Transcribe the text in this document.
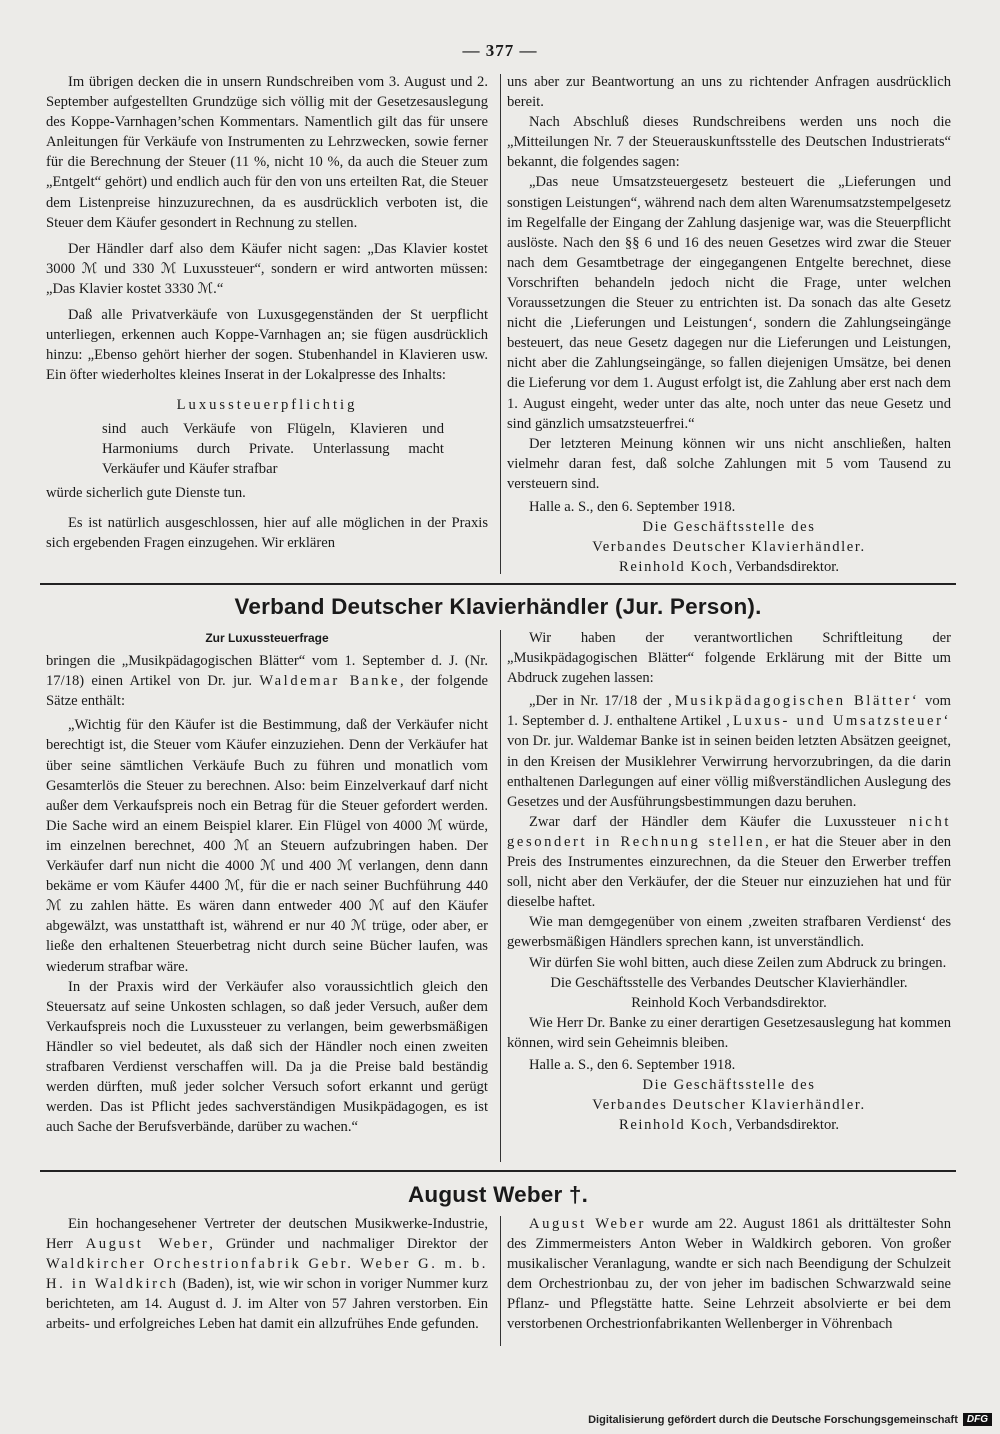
— 377 —

Im übrigen decken die in unsern Rundschreiben vom 3. August und 2. September aufgestellten Grundzüge sich völlig mit der Gesetzesauslegung des Koppe-Varnhagen’schen Kommentars. Namentlich gilt das für unsere Anleitungen für Verkäufe von Instrumenten zu Lehrzwecken, sowie ferner für die Berechnung der Steuer (11 %, nicht 10 %, da auch die Steuer zum „Entgelt“ gehört) und endlich auch für den von uns erteilten Rat, die Steuer dem Listenpreise hinzuzurechnen, da es ausdrücklich verboten ist, die Steuer dem Käufer gesondert in Rechnung zu stellen.

Der Händler darf also dem Käufer nicht sagen: „Das Klavier kostet 3000 ℳ und 330 ℳ Luxussteuer“, sondern er wird antworten müssen: „Das Klavier kostet 3330 ℳ.“

Daß alle Privatverkäufe von Luxusgegenständen der St uerpflicht unterliegen, erkennen auch Koppe-Varnhagen an; sie fügen ausdrücklich hinzu: „Ebenso gehört hierher der sogen. Stubenhandel in Klavieren usw. Ein öfter wiederholtes kleines Inserat in der Lokalpresse des Inhalts:

Luxussteuerpflichtig
sind auch Verkäufe von Flügeln, Klavieren und Harmoniums durch Private. Unterlassung macht Verkäufer und Käufer strafbar

würde sicherlich gute Dienste tun.

Es ist natürlich ausgeschlossen, hier auf alle möglichen in der Praxis sich ergebenden Fragen einzugehen. Wir erklären

uns aber zur Beantwortung an uns zu richtender Anfragen ausdrücklich bereit.

Nach Abschluß dieses Rundschreibens werden uns noch die „Mitteilungen Nr. 7 der Steuerauskunftsstelle des Deutschen Industrierats“ bekannt, die folgendes sagen:

„Das neue Umsatzsteuergesetz besteuert die „Lieferungen und sonstigen Leistungen“, während nach dem alten Warenumsatzstempelgesetz im Regelfalle der Eingang der Zahlung dasjenige war, was die Steuerpflicht auslöste. Nach den §§ 6 und 16 des neuen Gesetzes wird zwar die Steuer nach dem Gesamtbetrage der eingegangenen Entgelte berechnet, diese Vorschriften behandeln jedoch nicht die Frage, unter welchen Voraussetzungen die Steuer zu entrichten ist. Da sonach das alte Gesetz nicht die ‚Lieferungen und Leistungen‘, sondern die Zahlungseingänge besteuert, das neue Gesetz dagegen nur die Lieferungen und Leistungen, nicht aber die Zahlungseingänge, so fallen diejenigen Umsätze, bei denen die Lieferung vor dem 1. August erfolgt ist, die Zahlung aber erst nach dem 1. August eingeht, weder unter das alte, noch unter das neue Gesetz und sind gänzlich umsatzsteuerfrei.“

Der letzteren Meinung können wir uns nicht anschließen, halten vielmehr daran fest, daß solche Zahlungen mit 5 vom Tausend zu versteuern sind.

Halle a. S., den 6. September 1918.

Die Geschäftsstelle des

Verbandes Deutscher Klavierhändler.

Reinhold Koch, Verbandsdirektor.

Verband Deutscher Klavierhändler (Jur. Person).
Zur Luxussteuerfrage

bringen die „Musikpädagogischen Blätter“ vom 1. September d. J. (Nr. 17/18) einen Artikel von Dr. jur. Waldemar Banke, der folgende Sätze enthält:

„Wichtig für den Käufer ist die Bestimmung, daß der Verkäufer nicht berechtigt ist, die Steuer vom Käufer einzuziehen. Denn der Verkäufer hat über seine sämtlichen Verkäufe Buch zu führen und monatlich vom Gesamterlös die Steuer zu berechnen. Also: beim Einzelverkauf darf nicht außer dem Verkaufspreis noch ein Betrag für die Steuer gefordert werden. Die Sache wird an einem Beispiel klarer. Ein Flügel von 4000 ℳ würde, im einzelnen berechnet, 400 ℳ an Steuern aufzubringen haben. Der Verkäufer darf nun nicht die 4000 ℳ und 400 ℳ verlangen, denn dann bekäme er vom Käufer 4400 ℳ, für die er nach seiner Buchführung 440 ℳ zu zahlen hätte. Es wären dann entweder 400 ℳ auf den Käufer abgewälzt, was unstatthaft ist, während er nur 40 ℳ trüge, oder aber, er ließe den erhaltenen Steuerbetrag nicht durch seine Bücher laufen, was wiederum strafbar wäre.

In der Praxis wird der Verkäufer also voraussichtlich gleich den Steuersatz auf seine Unkosten schlagen, so daß jeder Versuch, außer dem Verkaufspreis noch die Luxussteuer zu verlangen, beim gewerbsmäßigen Händler so viel bedeutet, als daß sich der Händler noch einen zweiten strafbaren Verdienst verschaffen will. Da ja die Preise bald beständig werden dürften, muß jeder solcher Versuch sofort erkannt und gerügt werden. Das ist Pflicht jedes sachverständigen Musikpädagogen, es ist auch Sache der Berufsverbände, darüber zu wachen.“

Wir haben der verantwortlichen Schriftleitung der „Musikpädagogischen Blätter“ folgende Erklärung mit der Bitte um Abdruck zugehen lassen:

„Der in Nr. 17/18 der ‚Musikpädagogischen Blätter‘ vom 1. September d. J. enthaltene Artikel ‚Luxus- und Umsatzsteuer‘ von Dr. jur. Waldemar Banke ist in seinen beiden letzten Absätzen geeignet, in den Kreisen der Musiklehrer Verwirrung hervorzubringen, da die darin enthaltenen Darlegungen auf einer völlig mißverständlichen Auslegung des Gesetzes und der Ausführungsbestimmungen dazu beruhen.

Zwar darf der Händler dem Käufer die Luxussteuer nicht gesondert in Rechnung stellen, er hat die Steuer aber in den Preis des Instrumentes einzurechnen, da die Steuer den Erwerber treffen soll, nicht aber den Verkäufer, der die Steuer nur einzuziehen hat und für dieselbe haftet.

Wie man demgegenüber von einem ‚zweiten strafbaren Verdienst‘ des gewerbsmäßigen Händlers sprechen kann, ist unverständlich.

Wir dürfen Sie wohl bitten, auch diese Zeilen zum Abdruck zu bringen.

Die Geschäftsstelle des Verbandes Deutscher Klavierhändler.

Reinhold Koch Verbandsdirektor.

Wie Herr Dr. Banke zu einer derartigen Gesetzesauslegung hat kommen können, wird sein Geheimnis bleiben.

Halle a. S., den 6. September 1918.

Die Geschäftsstelle des

Verbandes Deutscher Klavierhändler.

Reinhold Koch, Verbandsdirektor.

August Weber †.

Ein hochangesehener Vertreter der deutschen Musikwerke-Industrie, Herr August Weber, Gründer und nachmaliger Direktor der Waldkircher Orchestrionfabrik Gebr. Weber G. m. b. H. in Waldkirch (Baden), ist, wie wir schon in voriger Nummer kurz berichteten, am 14. August d. J. im Alter von 57 Jahren verstorben. Ein arbeits- und erfolgreiches Leben hat damit ein allzufrühes Ende gefunden.

August Weber wurde am 22. August 1861 als drittältester Sohn des Zimmermeisters Anton Weber in Waldkirch geboren. Von großer musikalischer Veranlagung, wandte er sich nach Beendigung der Schulzeit dem Orchestrionbau zu, der von jeher im badischen Schwarzwald seine Pflanz- und Pflegstätte hatte. Seine Lehrzeit absolvierte er bei dem verstorbenen Orchestrionfabrikanten Wellenberger in Vöhrenbach

Digitalisierung gefördert durch die Deutsche Forschungsgemeinschaft DFG
